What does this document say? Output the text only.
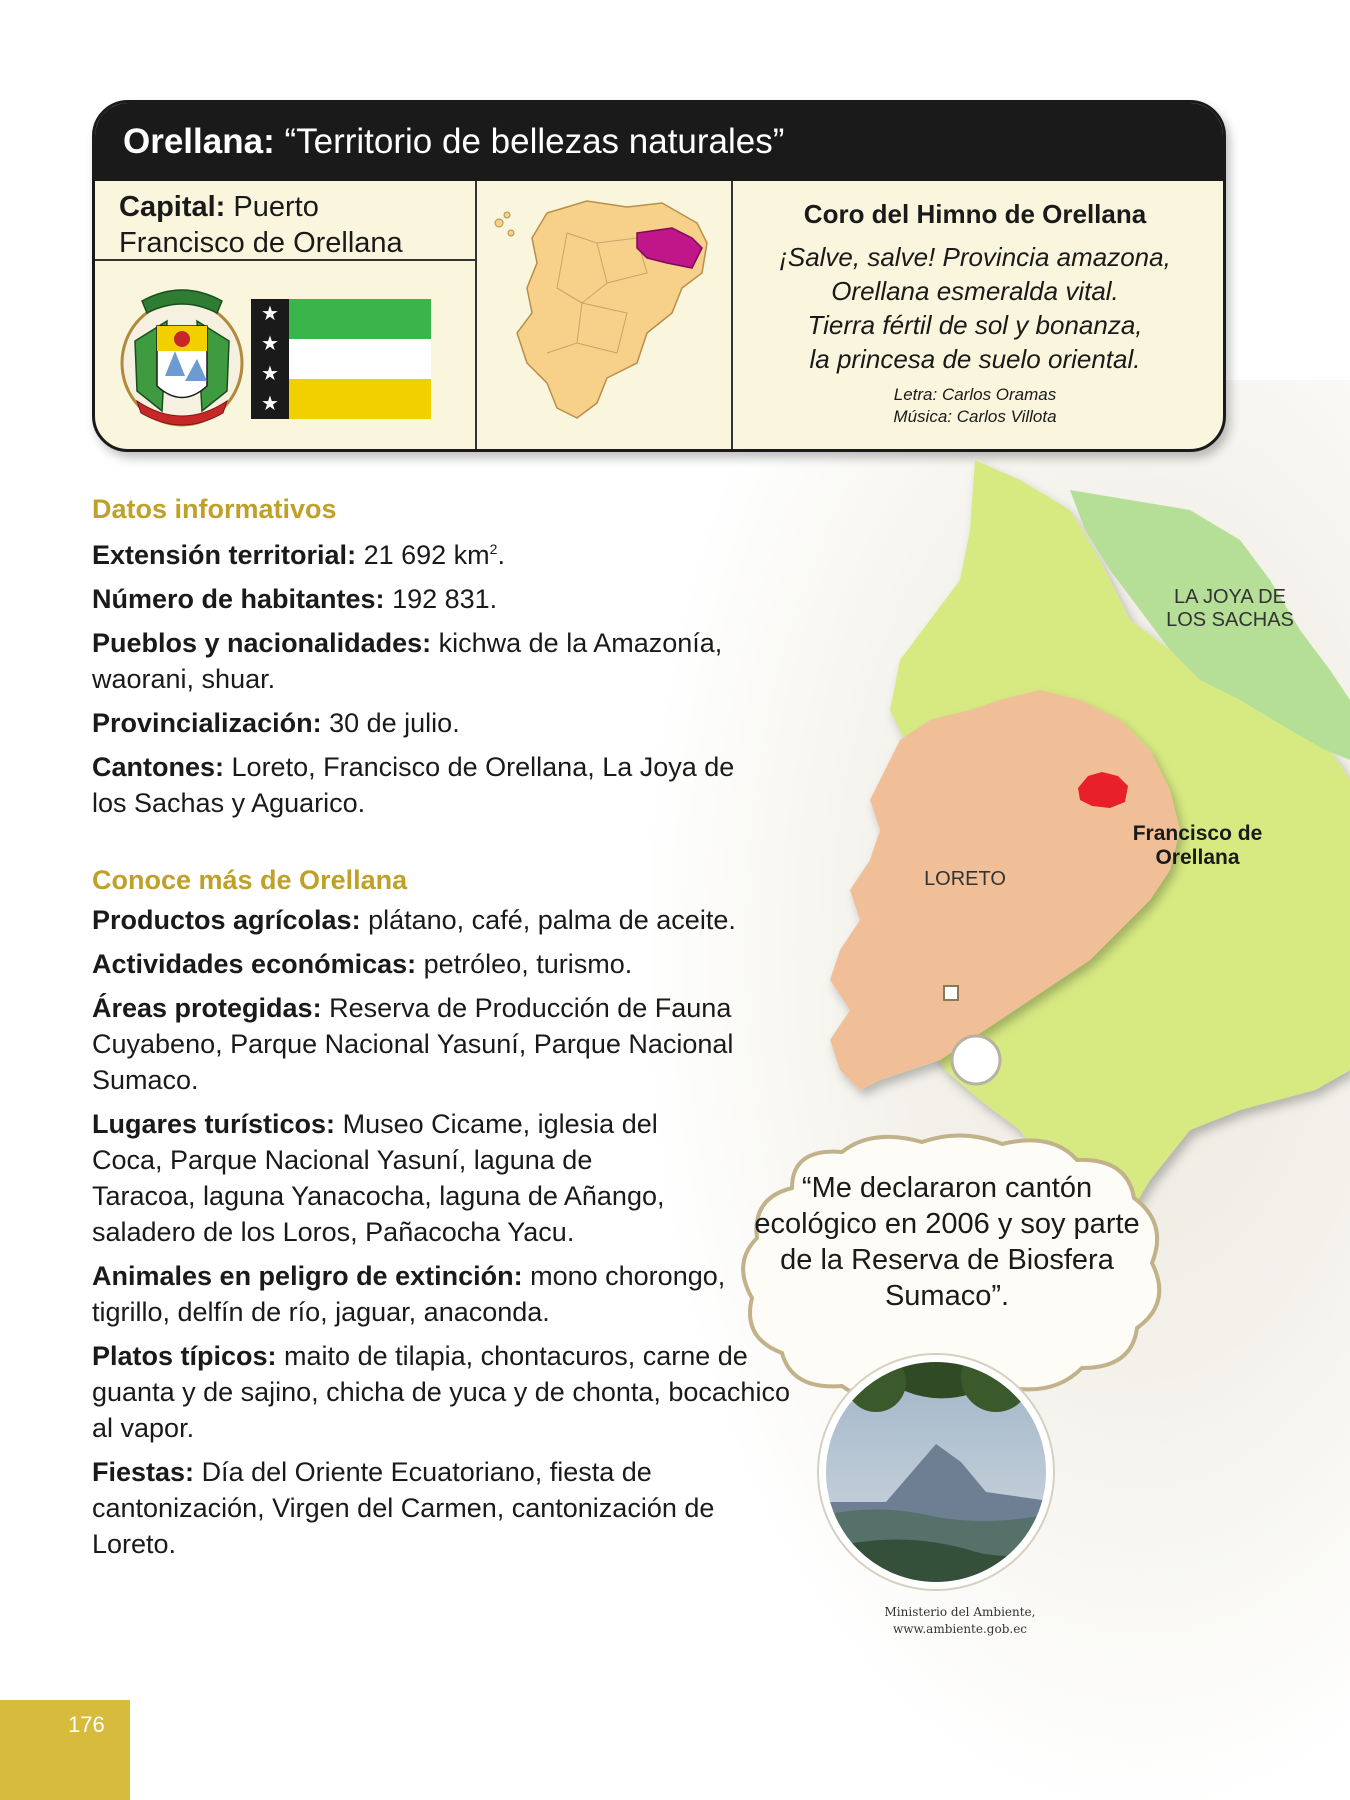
Orellana: “Territorio de bellezas naturales”
Capital: Puerto
Francisco de Orellana
★
★
★
★
Coro del Himno de Orellana
¡Salve, salve! Provincia amazona,
Orellana esmeralda vital.
Tierra fértil de sol y bonanza,
la princesa de suelo oriental.
Letra: Carlos Oramas
Música: Carlos Villota
LA JOYA DE
LOS SACHAS
LORETO
Francisco de
Orellana
“Me declararon cantón ecológico en 2006 y soy parte de la Reserva de Biosfera Sumaco”.
Ministerio del Ambiente,
www.ambiente.gob.ec
Datos informativos
Extensión territorial: 21 692 $km^2$.
Número de habitantes: 192 831.
Pueblos y nacionalidades: kichwa de la Amazonía, waorani, shuar.
Provincialización: 30 de julio.
Cantones: Loreto, Francisco de Orellana, La Joya de los Sachas y Aguarico.
Conoce más de Orellana
Productos agrícolas: plátano, café, palma de aceite.
Actividades económicas: petróleo, turismo.
Áreas protegidas: Reserva de Producción de Fauna Cuyabeno, Parque Nacional Yasuní, Parque Nacional Sumaco.
Lugares turísticos: Museo Cicame, iglesia del Coca, Parque Nacional Yasuní, laguna de Taracoa, laguna Yanacocha, laguna de Añango, saladero de los Loros, Pañacocha Yacu.
Animales en peligro de extinción: mono chorongo, tigrillo, delfín de río, jaguar, anaconda.
Platos típicos: maito de tilapia, chontacuros, carne de guanta y de sajino, chicha de yuca y de chonta, bocachico al vapor.
Fiestas: Día del Oriente Ecuatoriano, fiesta de cantonización, Virgen del Carmen, cantonización de Loreto.
176
